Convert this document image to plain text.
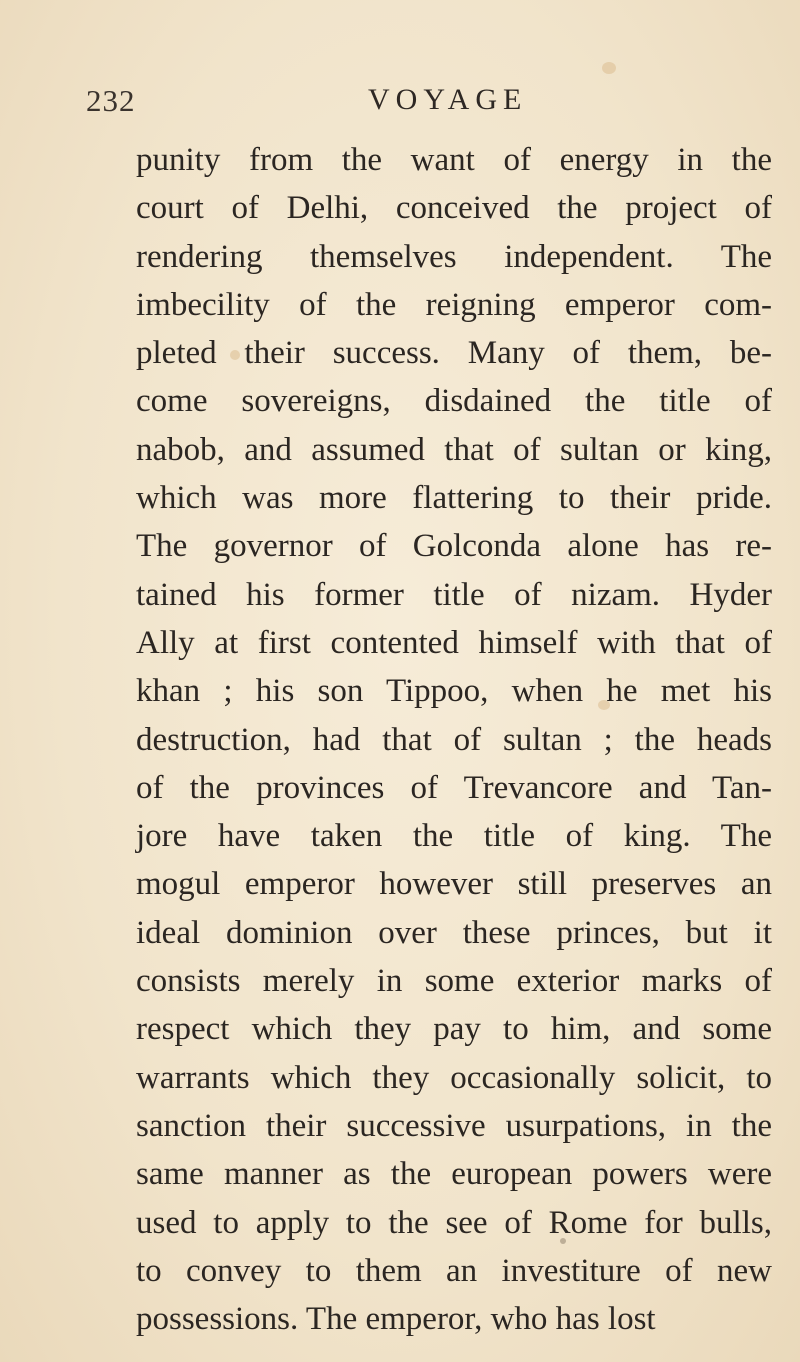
232	VOYAGE
punity from the want of energy in the
court of Delhi, conceived the project of
rendering themselves independent. The
imbecility of the reigning emperor com-
pleted their success. Many of them, be-
come sovereigns, disdained the title of
nabob, and assumed that of sultan or king,
which was more flattering to their pride.
The governor of Golconda alone has re-
tained his former title of nizam. Hyder
Ally at first contented himself with that of
khan ; his son Tippoo, when he met his
destruction, had that of sultan ; the heads
of the provinces of Trevancore and Tan-
jore have taken the title of king. The
mogul emperor however still preserves an
ideal dominion over these princes, but it
consists merely in some exterior marks of
respect which they pay to him, and some
warrants which they occasionally solicit, to
sanction their successive usurpations, in the
same manner as the european powers were
used to apply to the see of Rome for bulls,
to convey to them an investiture of new
possessions. The emperor, who has lost
